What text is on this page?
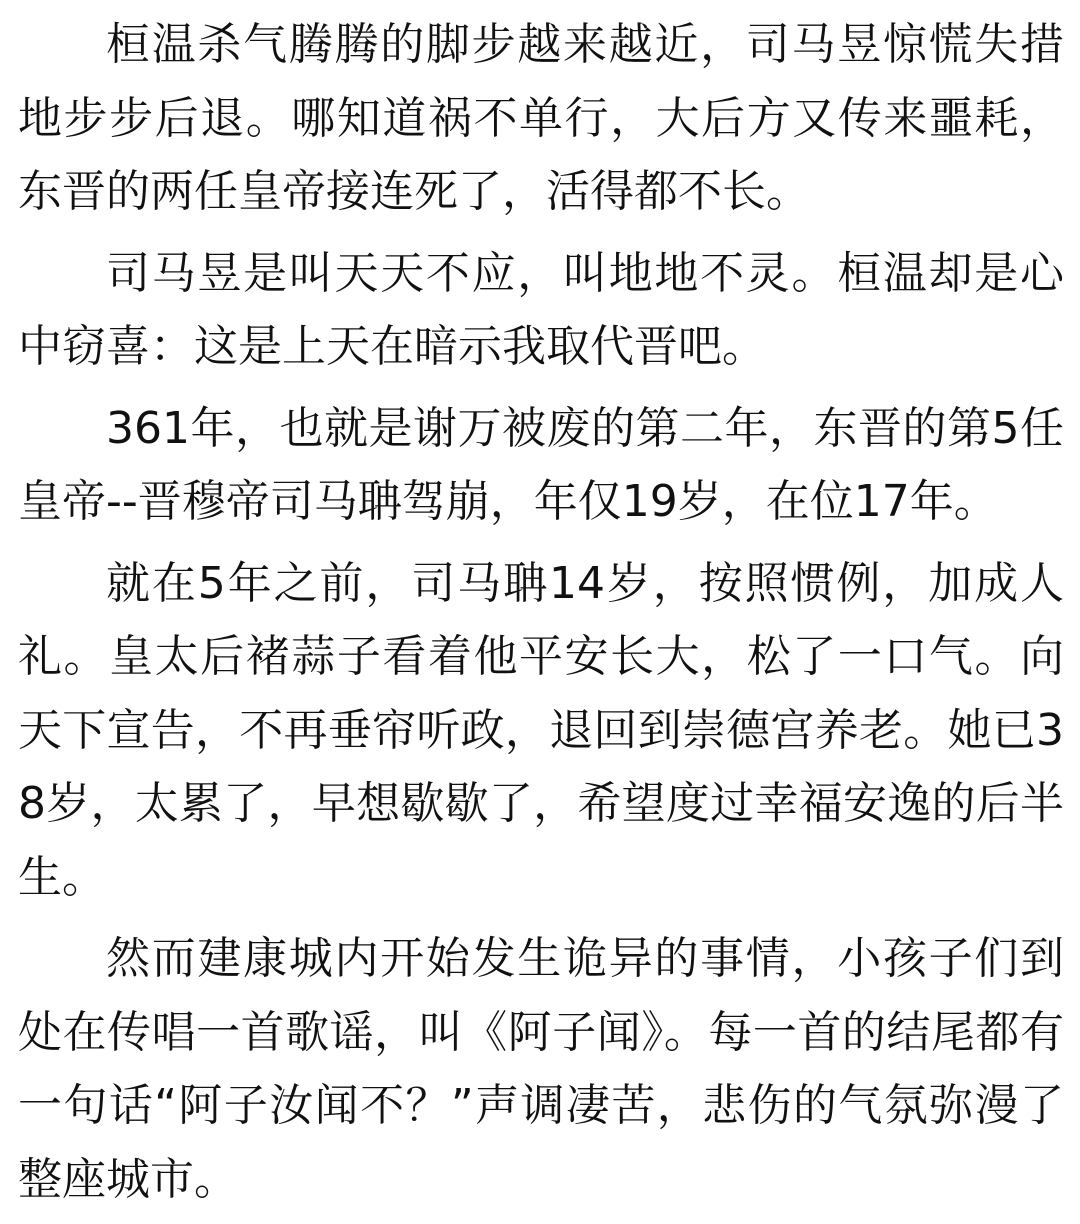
桓温杀气腾腾的脚步越来越近，司马昱惊慌失措地步步后退。哪知道祸不单行，大后方又传来噩耗，东晋的两任皇帝接连死了，活得都不长。

司马昱是叫天天不应，叫地地不灵。桓温却是心中窃喜：这是上天在暗示我取代晋吧。

361年，也就是谢万被废的第二年，东晋的第5任皇帝--晋穆帝司马聃驾崩，年仅19岁，在位17年。

就在5年之前，司马聃14岁，按照惯例，加成人礼。皇太后褚蒜子看着他平安长大，松了一口气。向天下宣告，不再垂帘听政，退回到崇德宫养老。她已38岁，太累了，早想歇歇了，希望度过幸福安逸的后半生。

然而建康城内开始发生诡异的事情，小孩子们到处在传唱一首歌谣，叫《阿子闻》。每一首的结尾都有一句话“阿子汝闻不？”声调凄苦，悲伤的气氛弥漫了整座城市。
